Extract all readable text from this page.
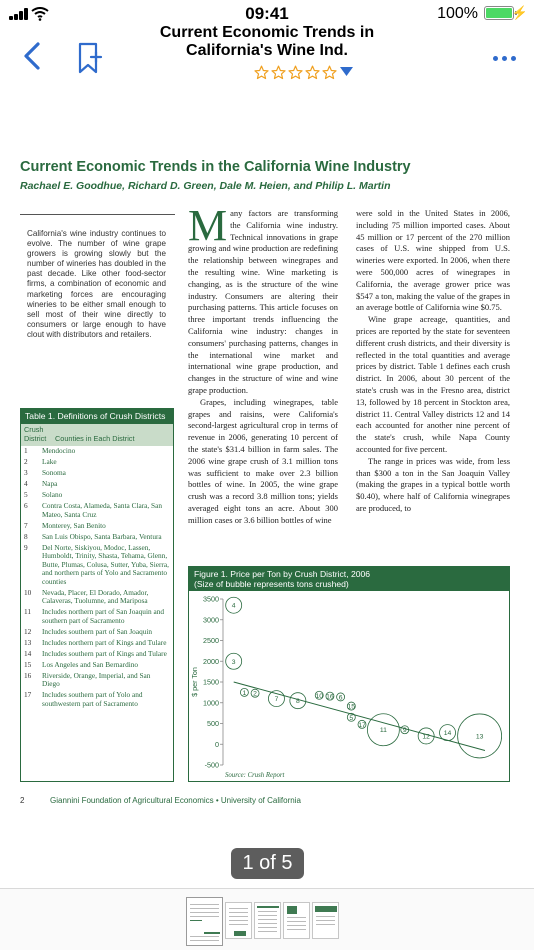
09:41	100%	⚡
Current Economic Trends in California's Wine Ind.
Current Economic Trends in the California Wine Industry
Rachael E. Goodhue, Richard D. Green, Dale M. Heien, and Philip L. Martin
California's wine industry continues to evolve. The number of wine grape growers is growing slowly but the number of wineries has doubled in the past decade. Like other food-sector firms, a combination of economic and marketing forces are encouraging wineries to be either small enough to sell most of their wine directly to consumers or large enough to have clout with distributors and retailers.
M any factors are transforming the California wine industry. Technical innovations in grape growing and wine production are redefining the relationship between winegrapes and the resulting wine. Wine marketing is changing, as is the structure of the wine industry. Consumers are altering their purchasing patterns. This article focuses on three important trends influencing the California wine industry: changes in consumers' purchasing patterns, changes in the international wine market and international wine grape production, and changes in the structure of wine and wine grape production.

Grapes, including winegrapes, table grapes and raisins, were California's second-largest agricultural crop in terms of revenue in 2006, generating 10 percent of the state's $31.4 billion in farm sales. The 2006 wine grape crush of 3.1 million tons was sufficient to make over 2.3 billion bottles of wine. In 2005, the wine grape crush was a record 3.8 million tons; yields averaged eight tons an acre. About 300 million cases or 3.6 billion bottles of wine

were sold in the United States in 2006, including 75 million imported cases. About 45 million or 17 percent of the 270 million cases of U.S. wine shipped from U.S. wineries were exported. In 2006, when there were 500,000 acres of winegrapes in California, the average grower price was $547 a ton, making the value of the grapes in an average bottle of California wine $0.75.

Wine grape acreage, quantities, and prices are reported by the state for seventeen different crush districts, and their diversity is reflected in the total quantities and average prices by district. Table 1 defines each crush district. In 2006, about 30 percent of the state's crush was in the Fresno area, district 13, followed by 18 percent in Stockton area, district 11. Central Valley districts 12 and 14 each accounted for another nine percent of the state's crush, while Napa County accounted for five percent.

The range in prices was wide, from less than $300 a ton in the San Joaquin Valley (making the grapes in a typical bottle worth $0.40), where half of California winegrapes are produced, to

Table 1. Definitions of Crush Districts
Crush District	Counties in Each District
1	Mendocino
2	Lake
3	Sonoma
4	Napa
5	Solano
6	Contra Costa, Alameda, Santa Clara, San Mateo, Santa Cruz
7	Monterey, San Benito
8	San Luis Obispo, Santa Barbara, Ventura
9	Del Norte, Siskiyou, Modoc, Lassen, Humboldt, Trinity, Shasta, Tehama, Glenn, Butte, Plumas, Colusa, Sutter, Yuba, Sierra, and northern parts of Yolo and Sacramento counties
10	Nevada, Placer, El Dorado, Amador, Calaveras, Tuolumne, and Mariposa
11	Includes northern part of San Joaquin and southern part of Sacramento
12	Includes southern part of San Joaquin
13	Includes northern part of Kings and Tulare
14	Includes southern part of Kings and Tulare
15	Los Angeles and San Bernardino
16	Riverside, Orange, Imperial, and San Diego
17	Includes southern part of Yolo and southwestern part of Sacramento
Figure 1. Price per Ton by Crush District, 2006
(Size of bubble represents tons crushed)
3500
3000
2500
2000
1500
1000
500
0
-500
$ per Ton
4
3
1 2
7	8
10 16 6
15
5
17
11 9
12 14	13
Source: Crush Report
2	Giannini Foundation of Agricultural Economics • University of California
1 of 5
